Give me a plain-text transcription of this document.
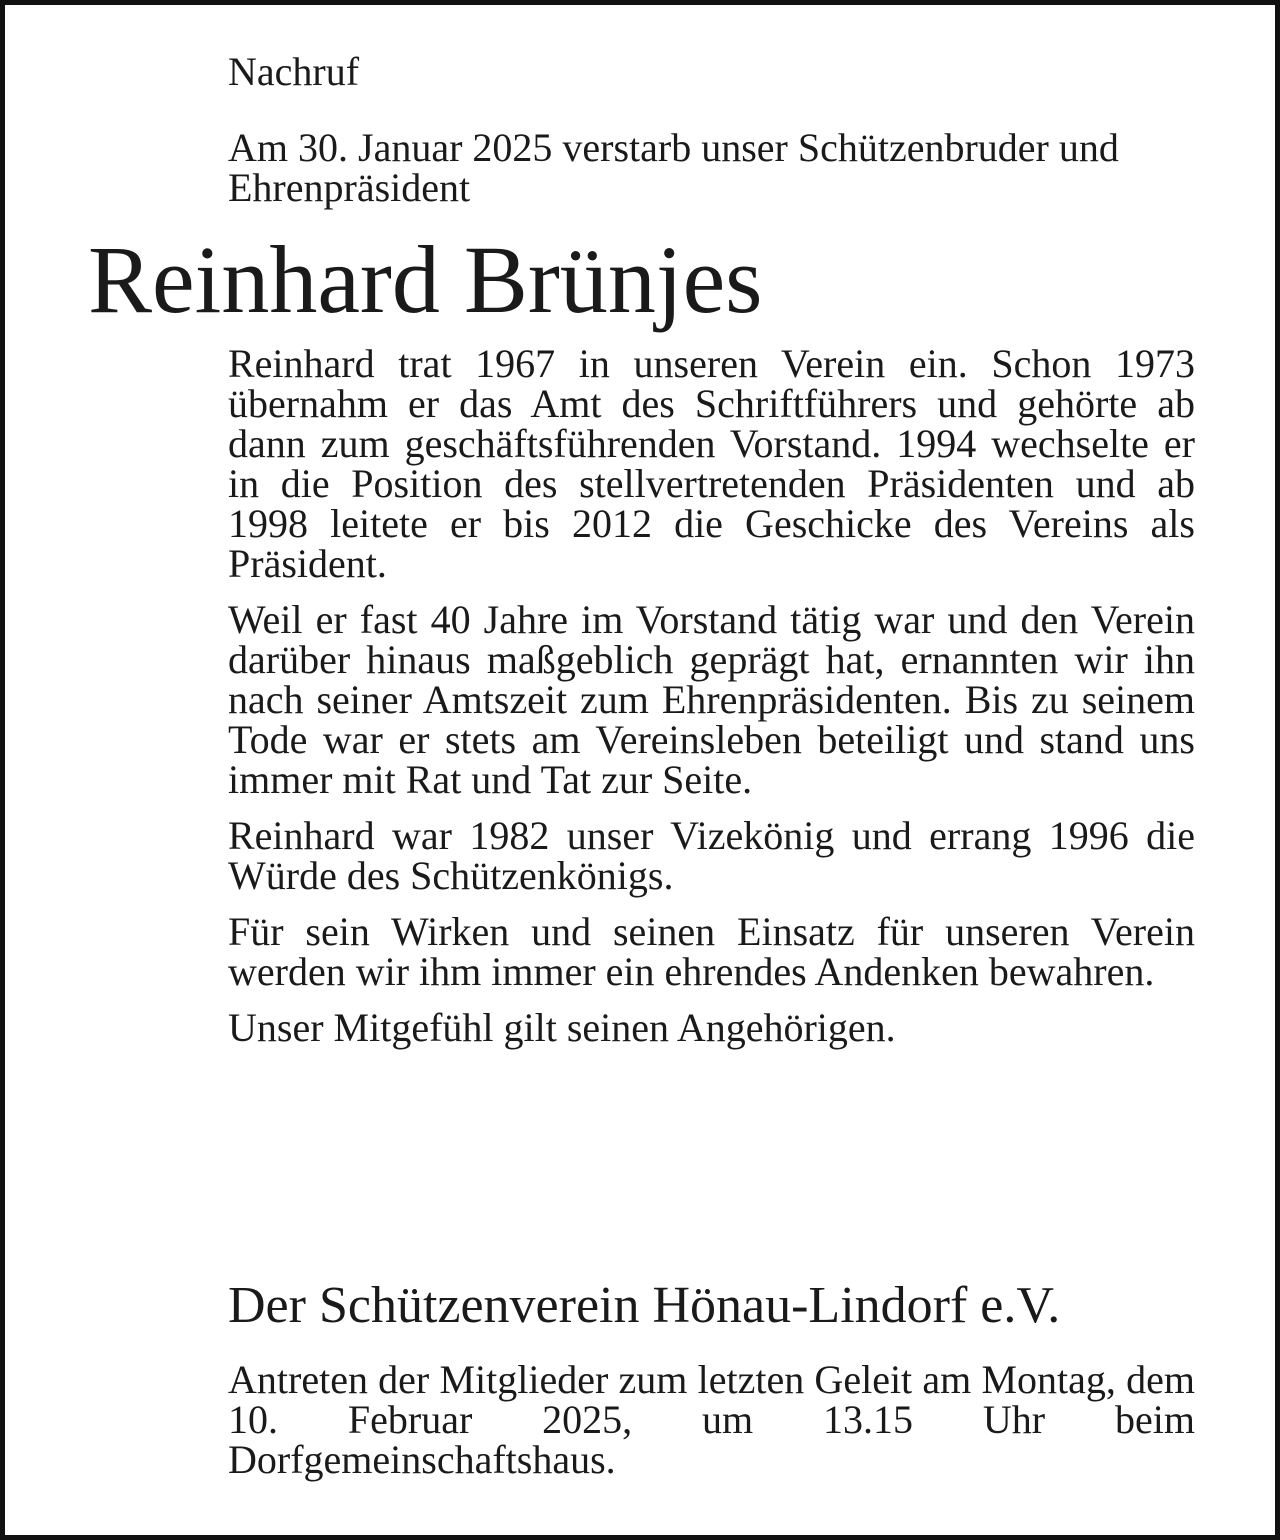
Nachruf
Am 30. Januar 2025 verstarb unser Schützenbruder und Ehrenpräsident
Reinhard Brünjes

Reinhard trat 1967 in unseren Verein ein. Schon 1973 übernahm er das Amt des Schriftführers und gehörte ab dann zum geschäftsführenden Vorstand. 1994 wechselte er in die Position des stellvertretenden Präsidenten und ab 1998 leitete er bis 2012 die Geschicke des Vereins als Präsident.

Weil er fast 40 Jahre im Vorstand tätig war und den Verein darüber hinaus maßgeblich geprägt hat, ernannten wir ihn nach seiner Amtszeit zum Ehrenpräsidenten. Bis zu seinem Tode war er stets am Vereinsleben beteiligt und stand uns immer mit Rat und Tat zur Seite.

Reinhard war 1982 unser Vizekönig und errang 1996 die Würde des Schützenkönigs.

Für sein Wirken und seinen Einsatz für unseren Verein werden wir ihm immer ein ehrendes Andenken bewahren.

Unser Mitgefühl gilt seinen Angehörigen.

Der Schützenverein Hönau-Lindorf e.V.
Antreten der Mitglieder zum letzten Geleit am Montag, dem 10. Februar 2025, um 13.15 Uhr beim Dorfgemeinschaftshaus.
